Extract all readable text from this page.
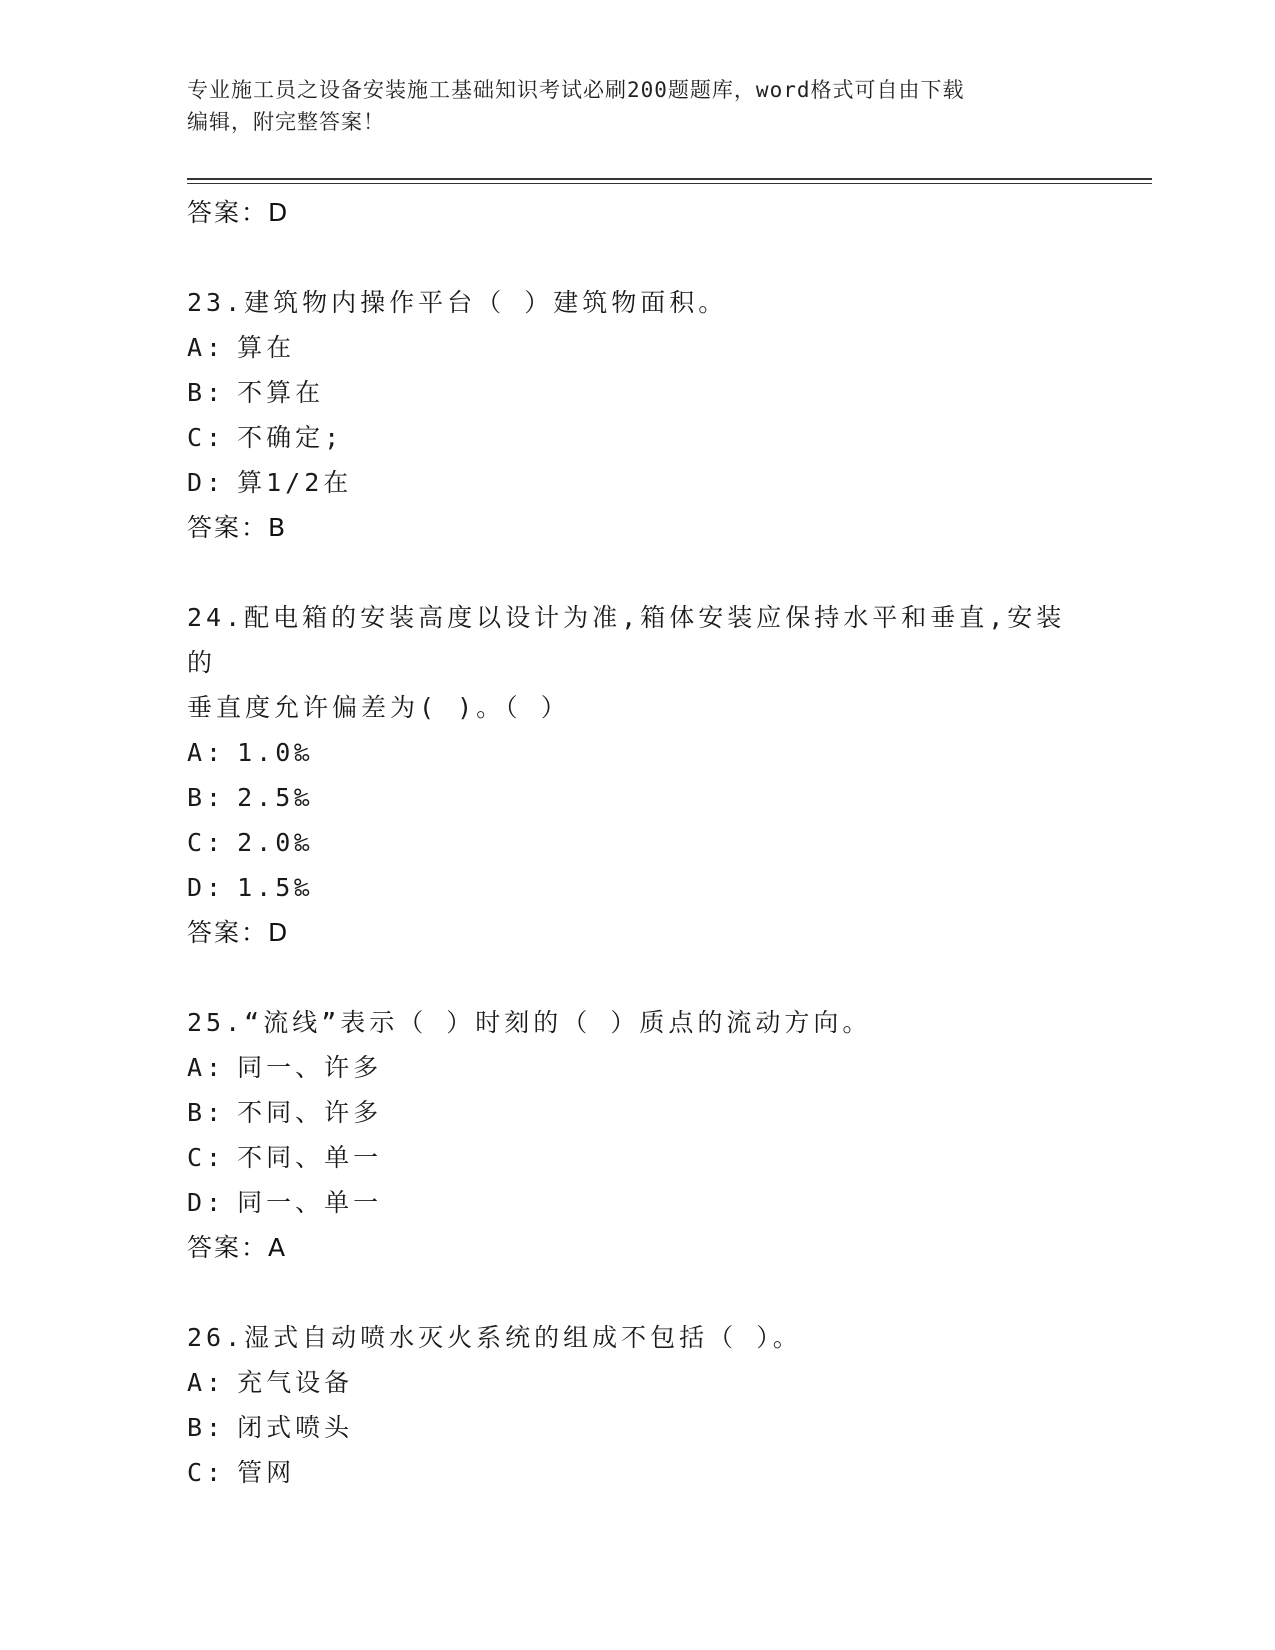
专业施工员之设备安装施工基础知识考试必刷200题题库，word格式可自由下载
编辑，附完整答案！
答案：D
23.建筑物内操作平台（ ）建筑物面积。
A: 算在
B: 不算在
C: 不确定;
D: 算1/2在
答案：B
24.配电箱的安装高度以设计为准,箱体安装应保持水平和垂直,安装的
垂直度允许偏差为( )。（ ）
A: 1.0‰
B: 2.5‰
C: 2.0‰
D: 1.5‰
答案：D
25.“流线”表示（ ）时刻的（ ）质点的流动方向。
A: 同一、许多
B: 不同、许多
C: 不同、单一
D: 同一、单一
答案：A
26.湿式自动喷水灭火系统的组成不包括（ ）。
A: 充气设备
B: 闭式喷头
C: 管网
